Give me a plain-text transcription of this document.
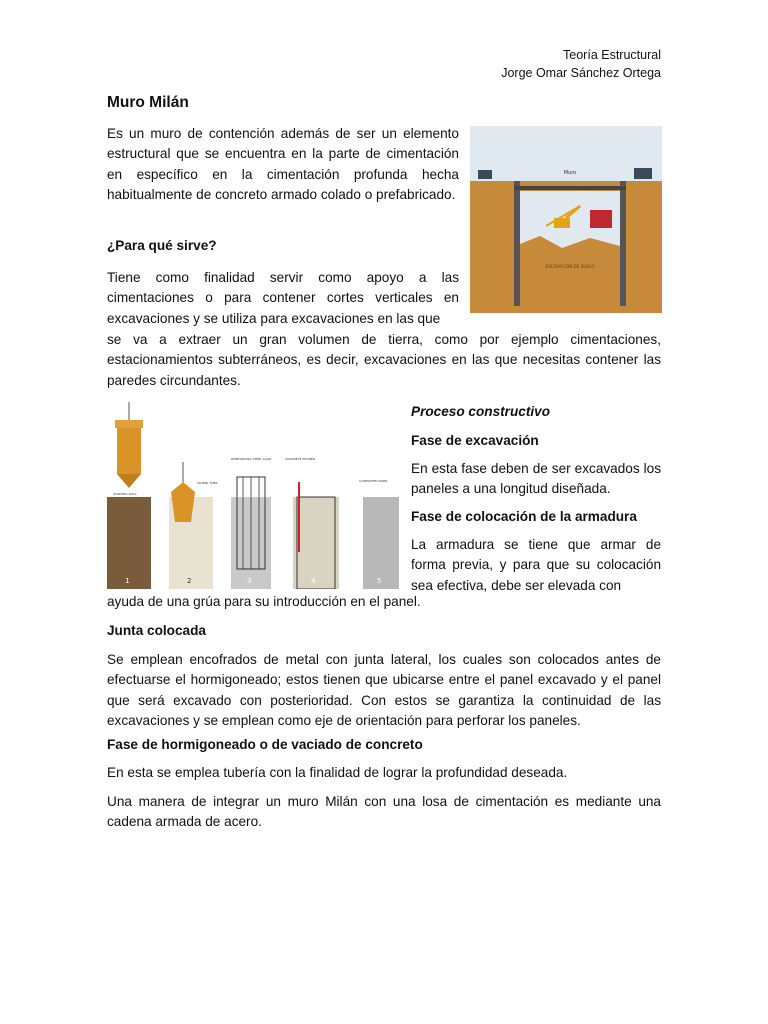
Teoría Estructural
Jorge Omar Sánchez Ortega
Muro Milán

Es un muro de contención además de ser un elemento estructural que se encuentra en la parte de cimentación en específico en la cimentación profunda hecha habitualmente de concreto armado colado o prefabricado.

Muro
EXCAVACION DE SUELO

¿Para qué sirve?

Tiene como finalidad servir como apoyo a las cimentaciones o para contener cortes verticales en excavaciones y se utiliza para excavaciones en las que

se va a extraer un gran volumen de tierra, como por ejemplo cimentaciones, estacionamientos subterráneos, es decir, excavaciones en las que necesitas contener las paredes circundantes.

STARTING WALL
1
SLURRY TUBE
2
REINFORCING STEEL CAGE
3
CONCRETE POURED
4
COMPLETED PANEL
5

Proceso constructivo

Fase de excavación

En esta fase deben de ser excavados los paneles a una longitud diseñada.

Fase de colocación de la armadura

La armadura se tiene que armar de forma previa, y para que su colocación sea efectiva, debe ser elevada con

ayuda de una grúa para su introducción en el panel.

Junta colocada

Se emplean encofrados de metal con junta lateral, los cuales son colocados antes de efectuarse el hormigoneado; estos tienen que ubicarse entre el panel excavado y el panel que será excavado con posterioridad. Con estos se garantiza la continuidad de las excavaciones y se emplean como eje de orientación para perforar los paneles.

Fase de hormigoneado o de vaciado de concreto

En esta se emplea tubería con la finalidad de lograr la profundidad deseada.

Una manera de integrar un muro Milán con una losa de cimentación es mediante una cadena armada de acero.
